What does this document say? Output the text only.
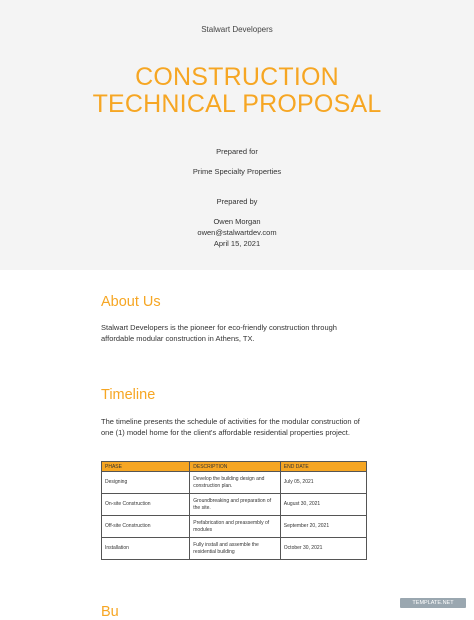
Stalwart Developers
CONSTRUCTION
TECHNICAL PROPOSAL
Prepared for
Prime Specialty Properties
Prepared by
Owen Morgan
owen@stalwartdev.com
April 15, 2021
About Us
Stalwart Developers is the pioneer for eco-friendly construction through affordable modular construction in Athens, TX.
Timeline
The timeline presents the schedule of activities for the modular construction of one (1) model home for the client's affordable residential properties project.
PHASE	DESCRIPTION	END DATE
Designing	Develop the building design and construction plan.	July 05, 2021
On-site Construction	Groundbreaking and preparation of the site.	August 30, 2021
Off-site Construction	Prefabrication and preassembly of modules	September 20, 2021
Installation	Fully install and assemble the residential building	October 30, 2021
Bu
TEMPLATE.NET
